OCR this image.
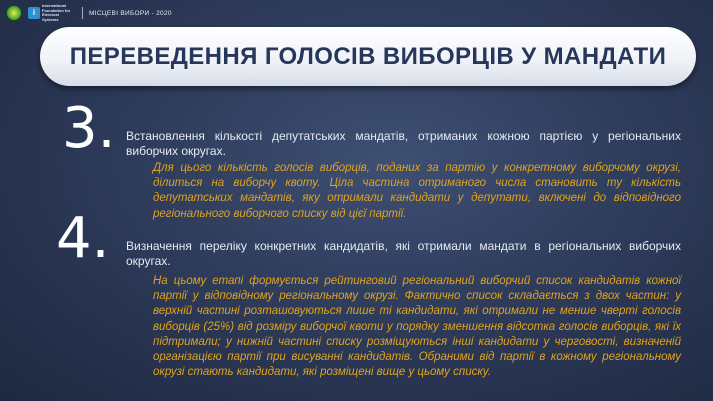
i
International Foundation for Electoral Systems
МІСЦЕВІ ВИБОРИ - 2020
ПЕРЕВЕДЕННЯ ГОЛОСІВ ВИБОРЦІВ У МАНДАТИ
3. Встановлення кількості депутатських мандатів, отриманих кожною партією у регіональних виборчих округах.
Для цього кількість голосів виборців, поданих за партію у конкретному виборчому окрузі, ділиться на виборчу квоту. Ціла частина отриманого числа становить ту кількість депутатських мандатів, яку отримали кандидати у депутати, включені до відповідного регіонального виборчого списку від цієї партії.
4. Визначення переліку конкретних кандидатів, які отримали мандати в регіональних виборчих округах.
На цьому етапі формується рейтинговий регіональний виборчий список кандидатів кожної партії у відповідному регіональному окрузі. Фактично список складається з двох частин: у верхній частині розташовуються лише ті кандидати, які отримали не менше чверті голосів виборців (25%) від розміру виборчої квоти у порядку зменшення відсотка голосів виборців, які їх підтримали; у нижній частині списку розміщуються інші кандидати у черговості, визначеній організацією партії при висуванні кандидатів. Обраними від партії в кожному регіональному окрузі стають кандидати, які розміщені вище у цьому списку.
